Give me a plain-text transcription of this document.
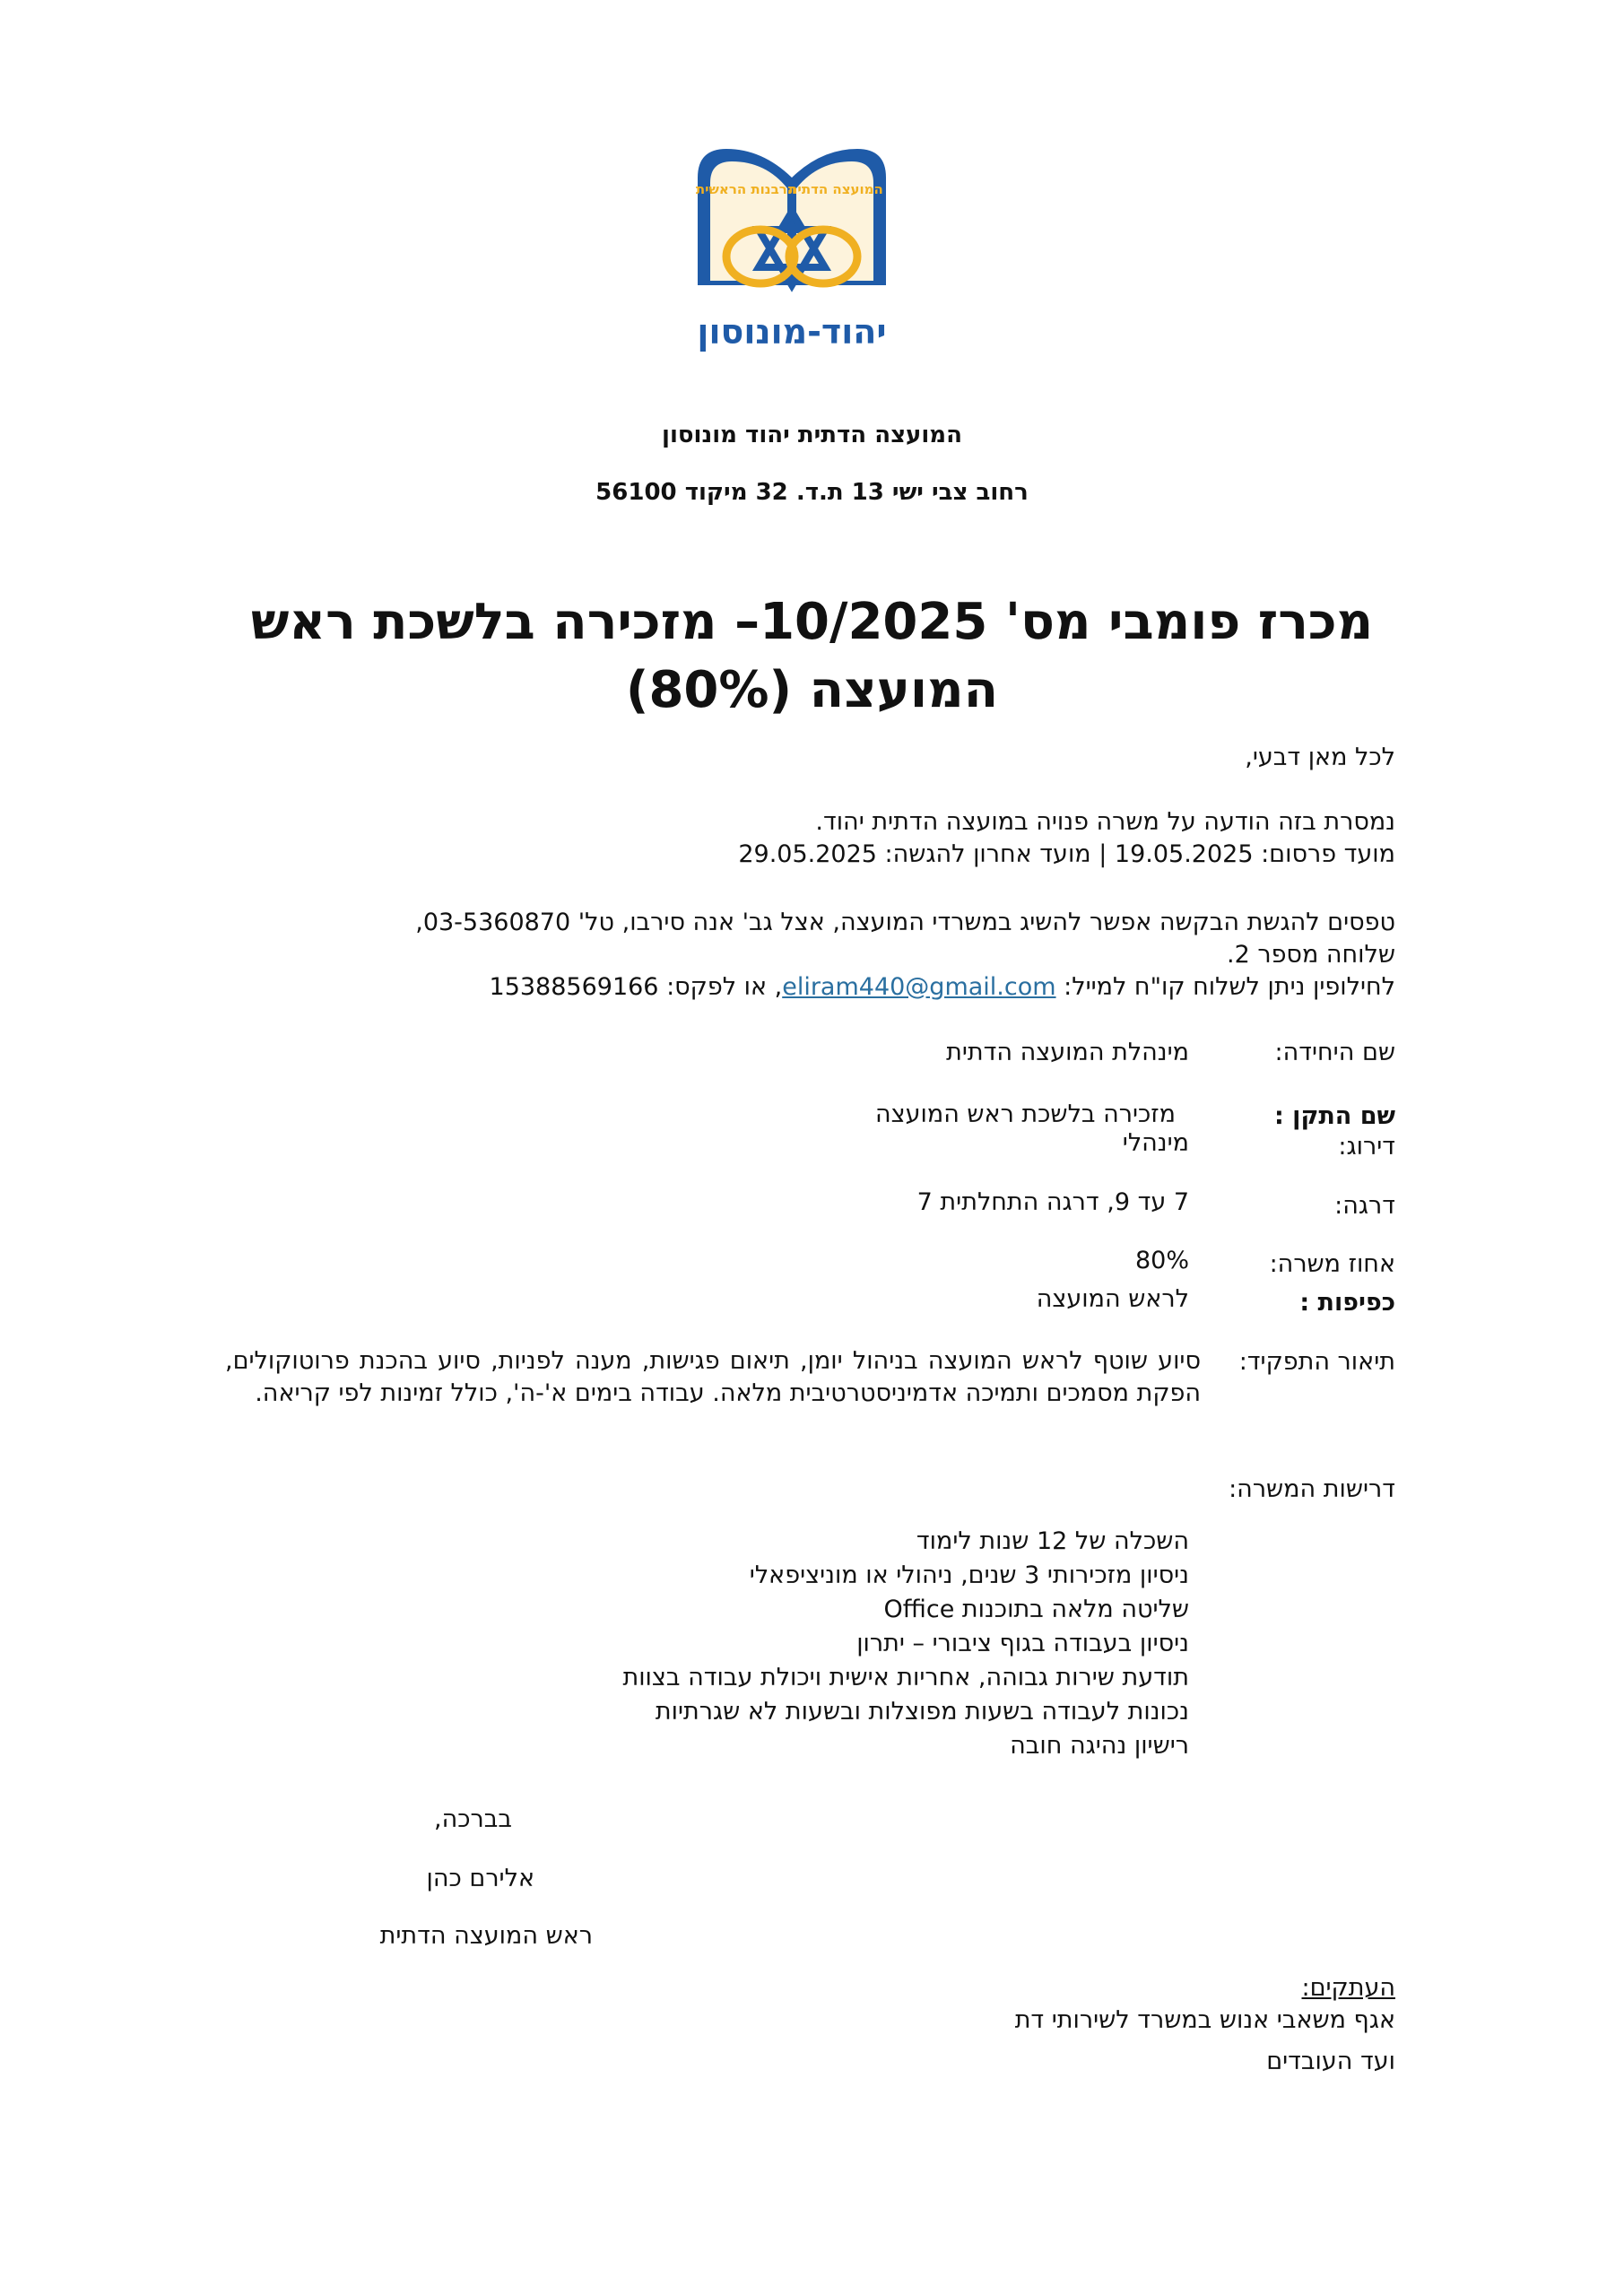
הרבנות הראשית
המועצה הדתית
יהוד-מונוסון
המועצה הדתית יהוד מונוסון
רחוב צבי ישי 13 ת.ד. 32 מיקוד 56100
מכרז פומבי מס' 10/2025– מזכירה בלשכת ראש
המועצה (80%)
לכל מאן דבעי,
נמסרת בזה הודעה על משרה פנויה במועצה הדתית יהוד.
מועד פרסום: 19.05.2025 | מועד אחרון להגשה: 29.05.2025
טפסים להגשת הבקשה אפשר להשיג במשרדי המועצה, אצל גב' אנה סירבו, טל' 03-5360870,
שלוחה מספר 2.
לחילופין ניתן לשלוח קו"ח למייל: eliram440@gmail.com, או לפקס: 15388569166
שם היחידה:
מינהלת המועצה הדתית
שם התקן :
מזכירה בלשכת ראש המועצה
דירוג:
מינהלי
דרגה:
7 עד 9, דרגה התחלתית 7
אחוז משרה:
80%
כפיפות :
לראש המועצה
תיאור התפקיד:
סיוע שוטף לראש המועצה בניהול יומן, תיאום פגישות, מענה לפניות, סיוע בהכנת פרוטוקולים, הפקת מסמכים ותמיכה אדמיניסטרטיבית מלאה. עבודה בימים א'-ה', כולל זמינות לפי קריאה.
דרישות המשרה:
השכלה של 12 שנות לימוד
ניסיון מזכירותי 3 שנים, ניהולי או מוניציפאלי
שליטה מלאה בתוכנות Office
ניסיון בעבודה בגוף ציבורי – יתרון
תודעת שירות גבוהה, אחריות אישית ויכולת עבודה בצוות
נכונות לעבודה בשעות מפוצלות ובשעות לא שגרתיות
רישיון נהיגה חובה
בברכה,
אלירם כהן
ראש המועצה הדתית
העתקים:
אגף משאבי אנוש במשרד לשירותי דת
ועד העובדים
